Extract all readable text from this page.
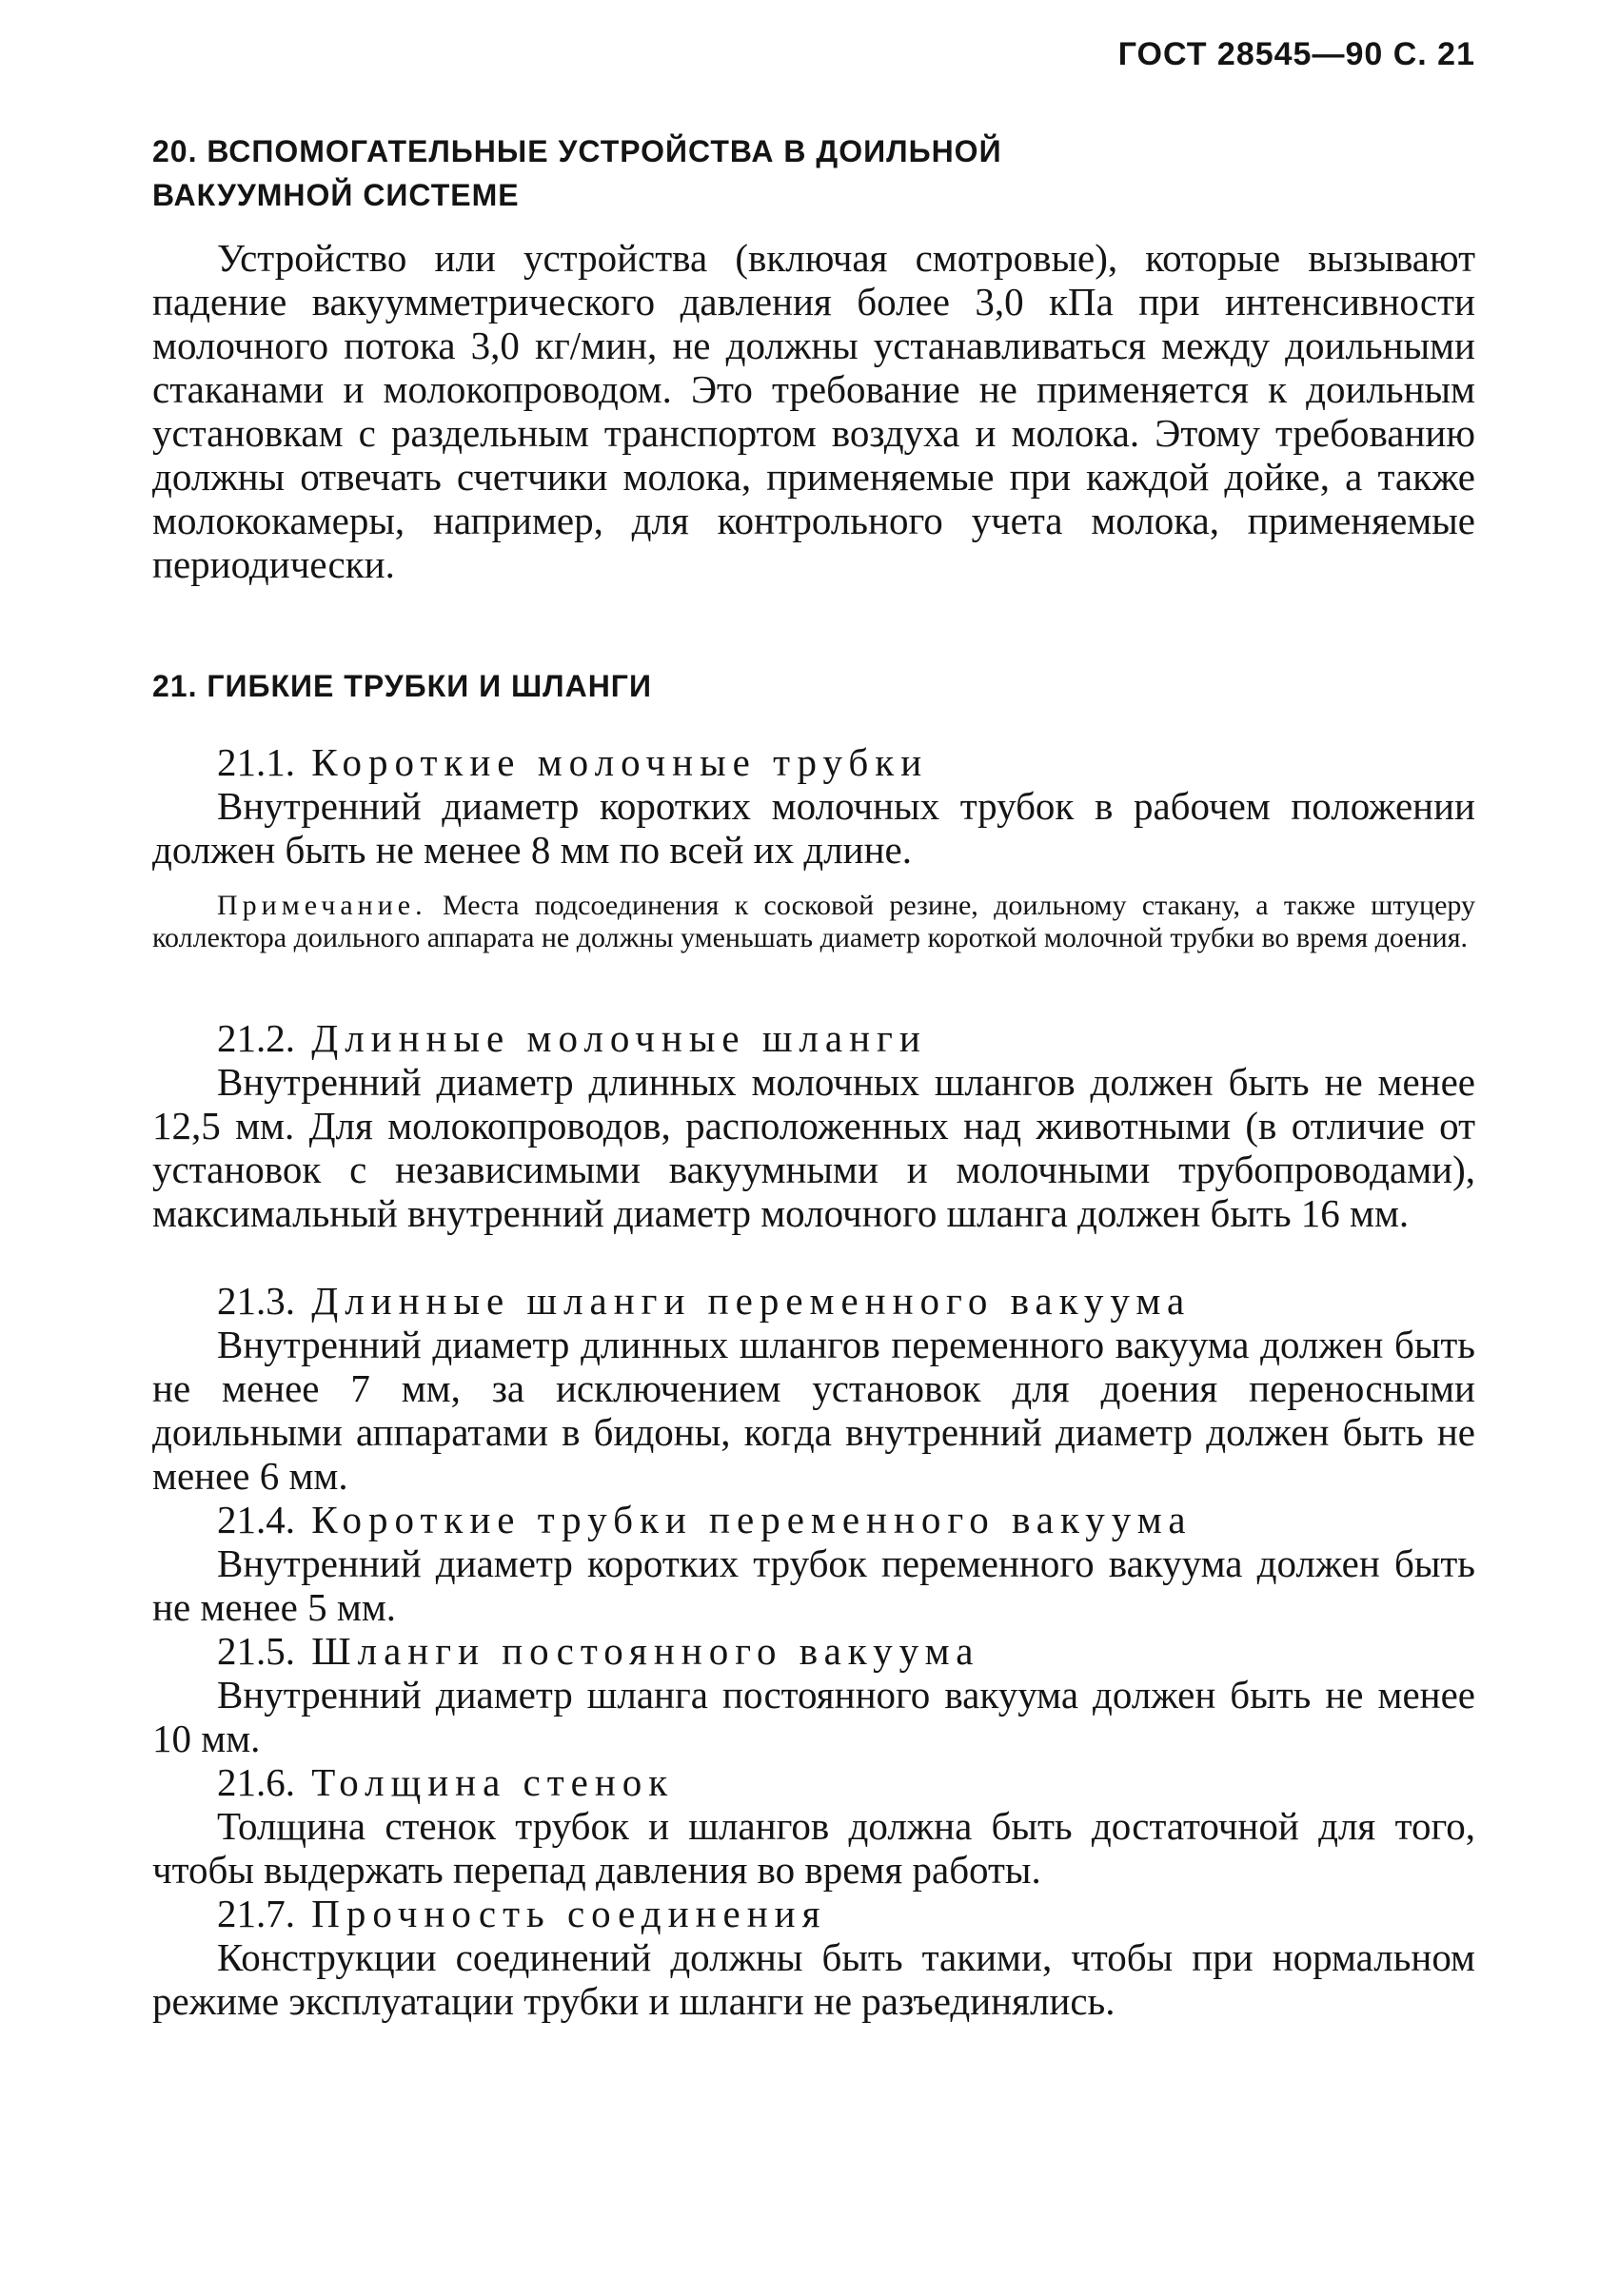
ГОСТ 28545—90 С. 21

20. ВСПОМОГАТЕЛЬНЫЕ УСТРОЙСТВА В ДОИЛЬНОЙ

ВАКУУМНОЙ СИСТЕМЕ

Устройство или устройства (включая смотровые), которые вызывают падение вакуумметрического давления более 3,0 кПа при интенсивности молочного потока 3,0 кг/мин, не должны устанавливаться между доильными стаканами и молокопроводом. Это требование не применяется к доильным установкам с раздельным транспортом воздуха и молока. Этому требованию должны отвечать счетчики молока, применяемые при каждой дойке, а также молококамеры, например, для контрольного учета молока, применяемые периодически.

21. ГИБКИЕ ТРУБКИ И ШЛАНГИ

21.1. Короткие молочные трубки

Внутренний диаметр коротких молочных трубок в рабочем положении должен быть не менее 8 мм по всей их длине.

Примечание. Места подсоединения к сосковой резине, доильному стакану, а также штуцеру коллектора доильного аппарата не должны уменьшать диаметр короткой молочной трубки во время доения.

21.2. Длинные молочные шланги

Внутренний диаметр длинных молочных шлангов должен быть не менее 12,5 мм. Для молокопроводов, расположенных над животными (в отличие от установок с независимыми вакуумными и молочными трубопроводами), максимальный внутренний диаметр молочного шланга должен быть 16 мм.

21.3. Длинные шланги переменного вакуума

Внутренний диаметр длинных шлангов переменного вакуума должен быть не менее 7 мм, за исключением установок для доения переносными доильными аппаратами в бидоны, когда внутренний диаметр должен быть не менее 6 мм.

21.4. Короткие трубки переменного вакуума

Внутренний диаметр коротких трубок переменного вакуума должен быть не менее 5 мм.

21.5. Шланги постоянного вакуума

Внутренний диаметр шланга постоянного вакуума должен быть не менее 10 мм.

21.6. Толщина стенок

Толщина стенок трубок и шлангов должна быть достаточной для того, чтобы выдержать перепад давления во время работы.

21.7. Прочность соединения

Конструкции соединений должны быть такими, чтобы при нормальном режиме эксплуатации трубки и шланги не разъединялись.
